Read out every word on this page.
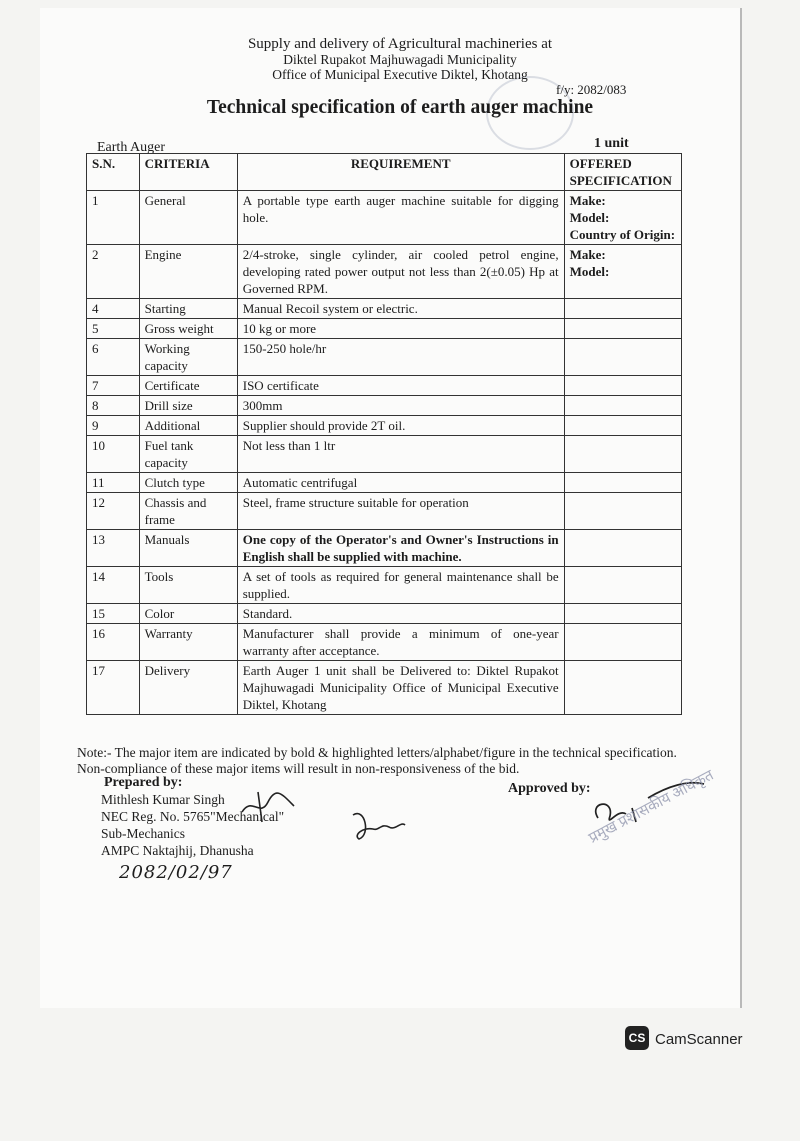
Supply and delivery of Agricultural machineries at
Diktel Rupakot Majhuwagadi Municipality
Office of Municipal Executive Diktel, Khotang
f/y: 2082/083
Technical specification of earth auger machine
Earth Auger	1 unit
S.N.	CRITERIA	REQUIREMENT	OFFERED SPECIFICATION
1	General	A portable type earth auger machine suitable for digging hole.	Make:
Model:
Country of Origin:
2	Engine	2/4-stroke, single cylinder, air cooled petrol engine, developing rated power output not less than 2(±0.05) Hp at Governed RPM.	Make:
Model:
4	Starting	Manual Recoil system or electric.	
5	Gross weight	10 kg or more	
6	Working capacity	150-250 hole/hr	
7	Certificate	ISO certificate	
8	Drill size	300mm	
9	Additional	Supplier should provide 2T oil.	
10	Fuel tank capacity	Not less than 1 ltr	
11	Clutch type	Automatic centrifugal	
12	Chassis and frame	Steel, frame structure suitable for operation	
13	Manuals	One copy of the Operator's and Owner's Instructions in English shall be supplied with machine.	
14	Tools	A set of tools as required for general maintenance shall be supplied.	
15	Color	Standard.	
16	Warranty	Manufacturer shall provide a minimum of one-year warranty after acceptance.	
17	Delivery	Earth Auger 1 unit shall be Delivered to: Diktel Rupakot Majhuwagadi Municipality Office of Municipal Executive Diktel, Khotang	
Note:- The major item are indicated by bold & highlighted letters/alphabet/figure in the technical specification. Non-compliance of these major items will result in non-responsiveness of the bid.
Prepared by:
Mithlesh Kumar Singh
NEC Reg. No. 5765"Mechanical"
Sub-Mechanics
AMPC Naktajhij, Dhanusha
2082/02/97
Approved by:
प्रमुख प्रशासकीय अधिकृत
CS CamScanner
